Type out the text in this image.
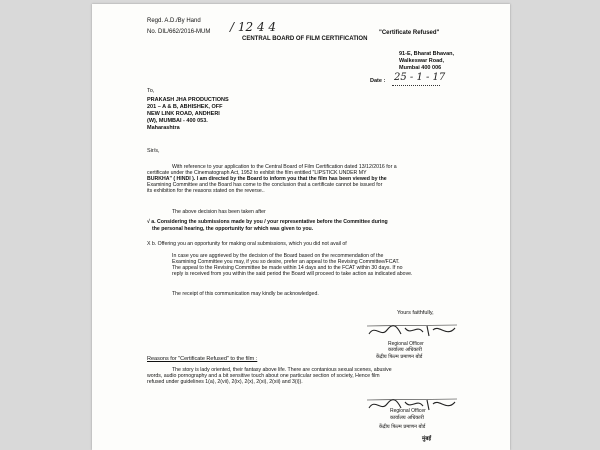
Regd. A.D./By Hand
No. DIL/662/2016-MUM / 12 4 4
CENTRAL BOARD OF FILM CERTIFICATION
"Certificate Refused"
91-E, Bharat Bhavan,
Walkeswar Road,
Mumbai 400 006
Date : 25 - 1 - 17
To,
PRAKASH JHA PRODUCTIONS
201 – A & B, ABHISHEK, OFF
NEW LINK ROAD, ANDHERI
(W), MUMBAI - 400 053.
Maharashtra
Sir/s,
With reference to your application to the Central Board of Film Certification dated 13/12/2016 for a
certificate under the Cinematograph Act, 1952 to exhibit the film entitled "LIPSTICK UNDER MY
BURKHA" ( HINDI ). I am directed by the Board to inform you that the film has been viewed by the
Examining Committee and the Board has come to the conclusion that a certificate cannot be issued for
its exhibition for the reasons stated on the reverse..
The above decision has been taken after
√ a. Considering the submissions made by you / your representative before the Committee during
the personal hearing, the opportunity for which was given to you.
X b. Offering you an opportunity for making oral submissions, which you did not avail of
In case you are aggrieved by the decision of the Board based on the recommendation of the
Examining Committee you may, if you so desire, prefer an appeal to the Revising Committee/FCAT.
The appeal to the Revising Committee be made within 14 days and to the FCAT within 30 days. If no
reply is received from you within the said period the Board will proceed to take action as indicated above.
The receipt of this communication may kindly be acknowledged.
Yours faithfully,
Regional Officer
कार्यालय अधिकारी
केंद्रीय फिल्म प्रमाणन बोर्ड
Reasons for "Certificate Refused" to the film :
The story is lady oriented, their fantasy above life. There are contanious sexual scenes, abusive
words, audio pornography and a bit sensitive touch about one particular section of society, Hence film
refused under guidelines 1(a), 2(vii), 2(ix), 2(x), 2(xi), 2(xii) and 3(i)).
Regional Officer
कार्यालय अधिकारी
केंद्रीय फिल्म प्रमाणन बोर्ड
मुंबई
